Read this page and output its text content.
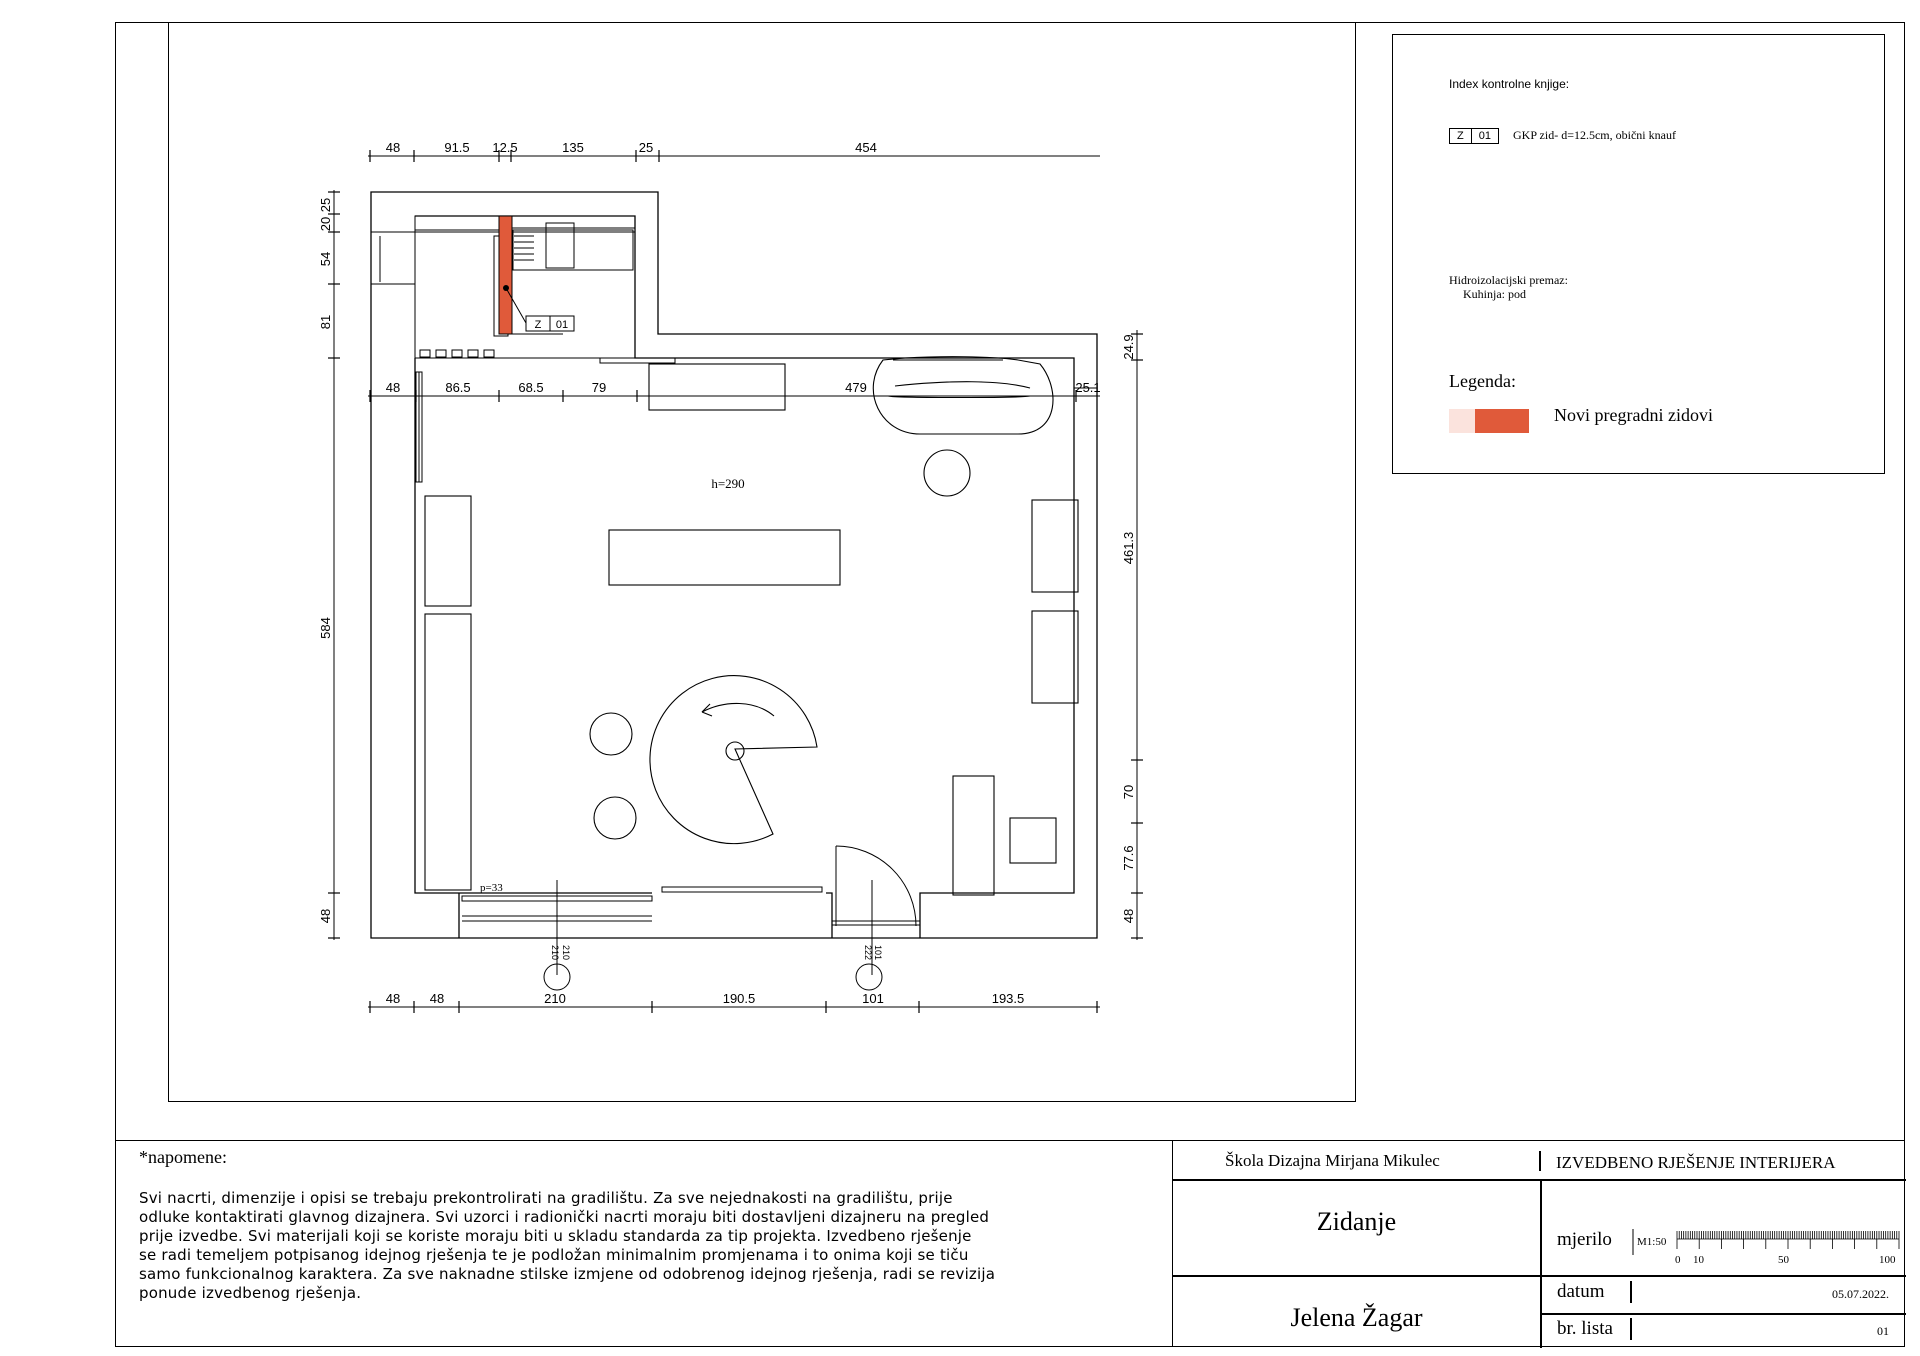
Index kontrolne knjige:
Z	01	GKP zid- d=12.5cm, obični knauf
Hidroizolacijski premaz:
Kuhinja: pod
Legenda:
Novi pregradni zidovi
48	91.5 12.5	135	25	454
25
20
54
81
584
48
24.9
461.3
70
77.6
48
48	86.5	68.5	79	479	25.1
48 48	210	190.5	101	193.5
Z 01
210 210	101
222
h=290
p=33
*napomene:
Svi nacrti, dimenzije i opisi se trebaju prekontrolirati na gradilištu. Za sve nejednakosti na gradilištu, prije
odluke kontaktirati glavnog dizajnera. Svi uzorci i radionički nacrti moraju biti dostavljeni dizajneru na pregled
prije izvedbe. Svi materijali koji se koriste moraju biti u skladu standarda za tip projekta. Izvedbeno rješenje
se radi temeljem potpisanog idejnog rješenja te je podložan minimalnim promjenama i to onima koji se tiču
samo funkcionalnog karaktera. Za sve naknadne stilske izmjene od odobrenog idejnog rješenja, radi se revizija
ponude izvedbenog rješenja.
Škola Dizajna Mirjana Mikulec	IZVEDBENO RJEŠENJE INTERIJERA
Zidanje
Jelena Žagar
mjerilo M1:50
0 10	50	100
datum	05.07.2022.
br. lista	01
